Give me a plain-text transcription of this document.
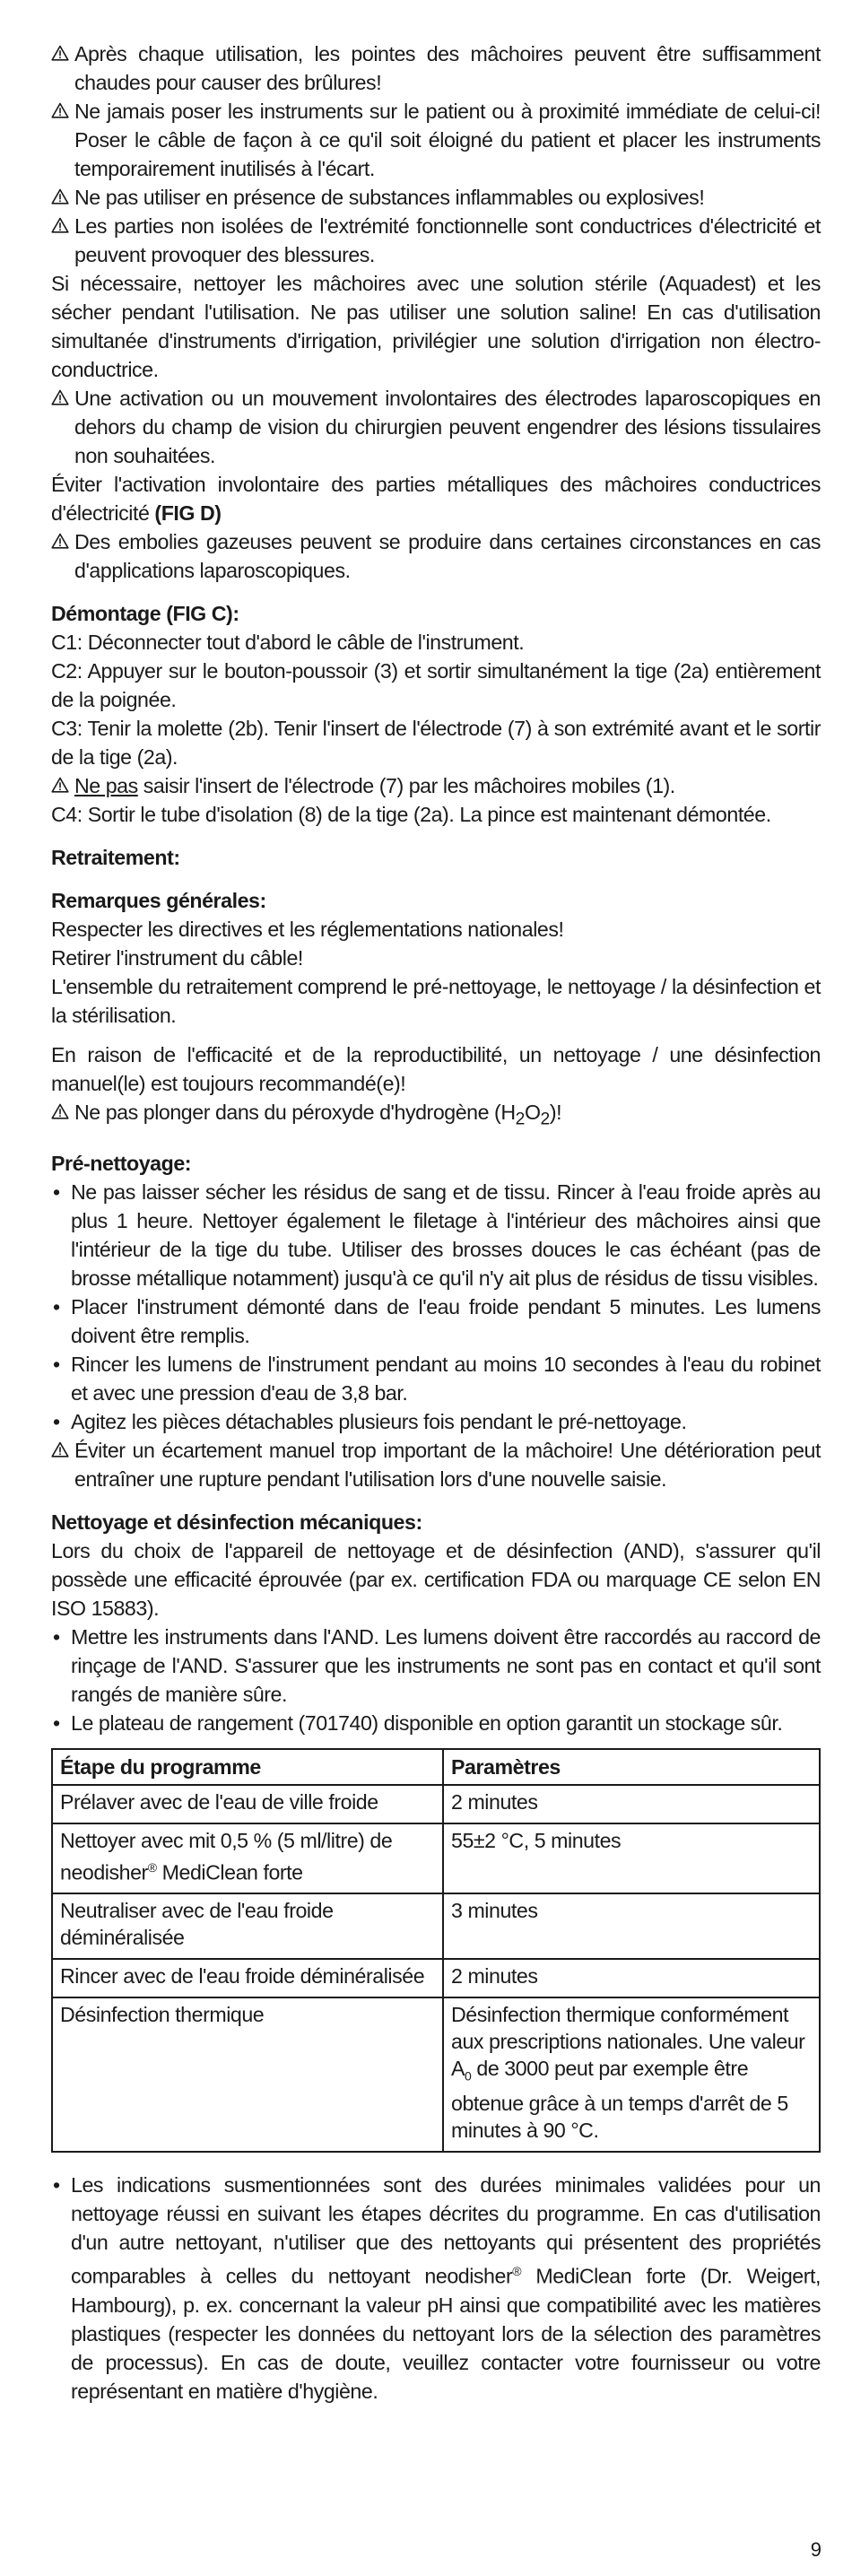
Après chaque utilisation, les pointes des mâchoires peuvent être suffisamment chaudes pour causer des brûlures!
Ne jamais poser les instruments sur le patient ou à proximité immédiate de celui-ci! Poser le câble de façon à ce qu'il soit éloigné du patient et placer les instruments temporairement inutilisés à l'écart.
Ne pas utiliser en présence de substances inflammables ou explosives!
Les parties non isolées de l'extrémité fonctionnelle sont conductrices d'électricité et peuvent provoquer des blessures.

Si nécessaire, nettoyer les mâchoires avec une solution stérile (Aquadest) et les sécher pendant l'utilisation. Ne pas utiliser une solution saline! En cas d'utilisation simultanée d'instruments d'irrigation, privilégier une solution d'irrigation non électro-conductrice.

Une activation ou un mouvement involontaires des électrodes laparoscopiques en dehors du champ de vision du chirurgien peuvent engendrer des lésions tissulaires non souhaitées.

Éviter l'activation involontaire des parties métalliques des mâchoires conductrices d'électricité (FIG D)

Des embolies gazeuses peuvent se produire dans certaines circonstances en cas d'applications laparoscopiques.
Démontage (FIG C):

C1: Déconnecter tout d'abord le câble de l'instrument.

C2: Appuyer sur le bouton-poussoir (3) et sortir simultanément la tige (2a) entièrement de la poignée.

C3: Tenir la molette (2b). Tenir l'insert de l'électrode (7) à son extrémité avant et le sortir de la tige (2a).

Ne pas saisir l'insert de l'électrode (7) par les mâchoires mobiles (1).

C4: Sortir le tube d'isolation (8) de la tige (2a). La pince est maintenant démontée.

Retraitement:
Remarques générales:

Respecter les directives et les réglementations nationales!

Retirer l'instrument du câble!

L'ensemble du retraitement comprend le pré-nettoyage, le nettoyage / la désinfection et la stérilisation.

En raison de l'efficacité et de la reproductibilité, un nettoyage / une désinfection manuel(le) est toujours recommandé(e)!

Ne pas plonger dans du péroxyde d'hydrogène $(H_2O_2)$!
Pré-nettoyage:
• Ne pas laisser sécher les résidus de sang et de tissu. Rincer à l'eau froide après au plus 1 heure. Nettoyer également le filetage à l'intérieur des mâchoires ainsi que l'intérieur de la tige du tube. Utiliser des brosses douces le cas échéant (pas de brosse métallique notamment) jusqu'à ce qu'il n'y ait plus de résidus de tissu visibles.
• Placer l'instrument démonté dans de l'eau froide pendant 5 minutes. Les lumens doivent être remplis.
• Rincer les lumens de l'instrument pendant au moins 10 secondes à l'eau du robinet et avec une pression d'eau de 3,8 bar.
• Agitez les pièces détachables plusieurs fois pendant le pré-nettoyage.
Éviter un écartement manuel trop important de la mâchoire! Une détérioration peut entraîner une rupture pendant l'utilisation lors d'une nouvelle saisie.
Nettoyage et désinfection mécaniques:

Lors du choix de l'appareil de nettoyage et de désinfection (AND), s'assurer qu'il possède une efficacité éprouvée (par ex. certification FDA ou marquage CE selon EN ISO 15883).

• Mettre les instruments dans l'AND. Les lumens doivent être raccordés au raccord de rinçage de l'AND. S'assurer que les instruments ne sont pas en contact et qu'il sont rangés de manière sûre.
• Le plateau de rangement (701740) disponible en option garantit un stockage sûr.
Étape du programme	Paramètres
Prélaver avec de l'eau de ville froide	2 minutes
Nettoyer avec mit 0,5 % (5 ml/litre) de neodisher® MediClean forte	55±2 °C, 5 minutes
Neutraliser avec de l'eau froide déminéralisée	3 minutes
Rincer avec de l'eau froide déminéralisée	2 minutes
Désinfection thermique	Désinfection thermique conformément aux prescriptions nationales. Une valeur $A_0$ de 3000 peut par exemple être obtenue grâce à un temps d'arrêt de 5 minutes à 90 °C.
• Les indications susmentionnées sont des durées minimales validées pour un nettoyage réussi en suivant les étapes décrites du programme. En cas d'utilisation d'un autre nettoyant, n'utiliser que des nettoyants qui présentent des propriétés comparables à celles du nettoyant neodisher® MediClean forte (Dr. Weigert, Hambourg), p. ex. concernant la valeur pH ainsi que compatibilité avec les matières plastiques (respecter les données du nettoyant lors de la sélection des paramètres de processus). En cas de doute, veuillez contacter votre fournisseur ou votre représentant en matière d'hygiène.
9
